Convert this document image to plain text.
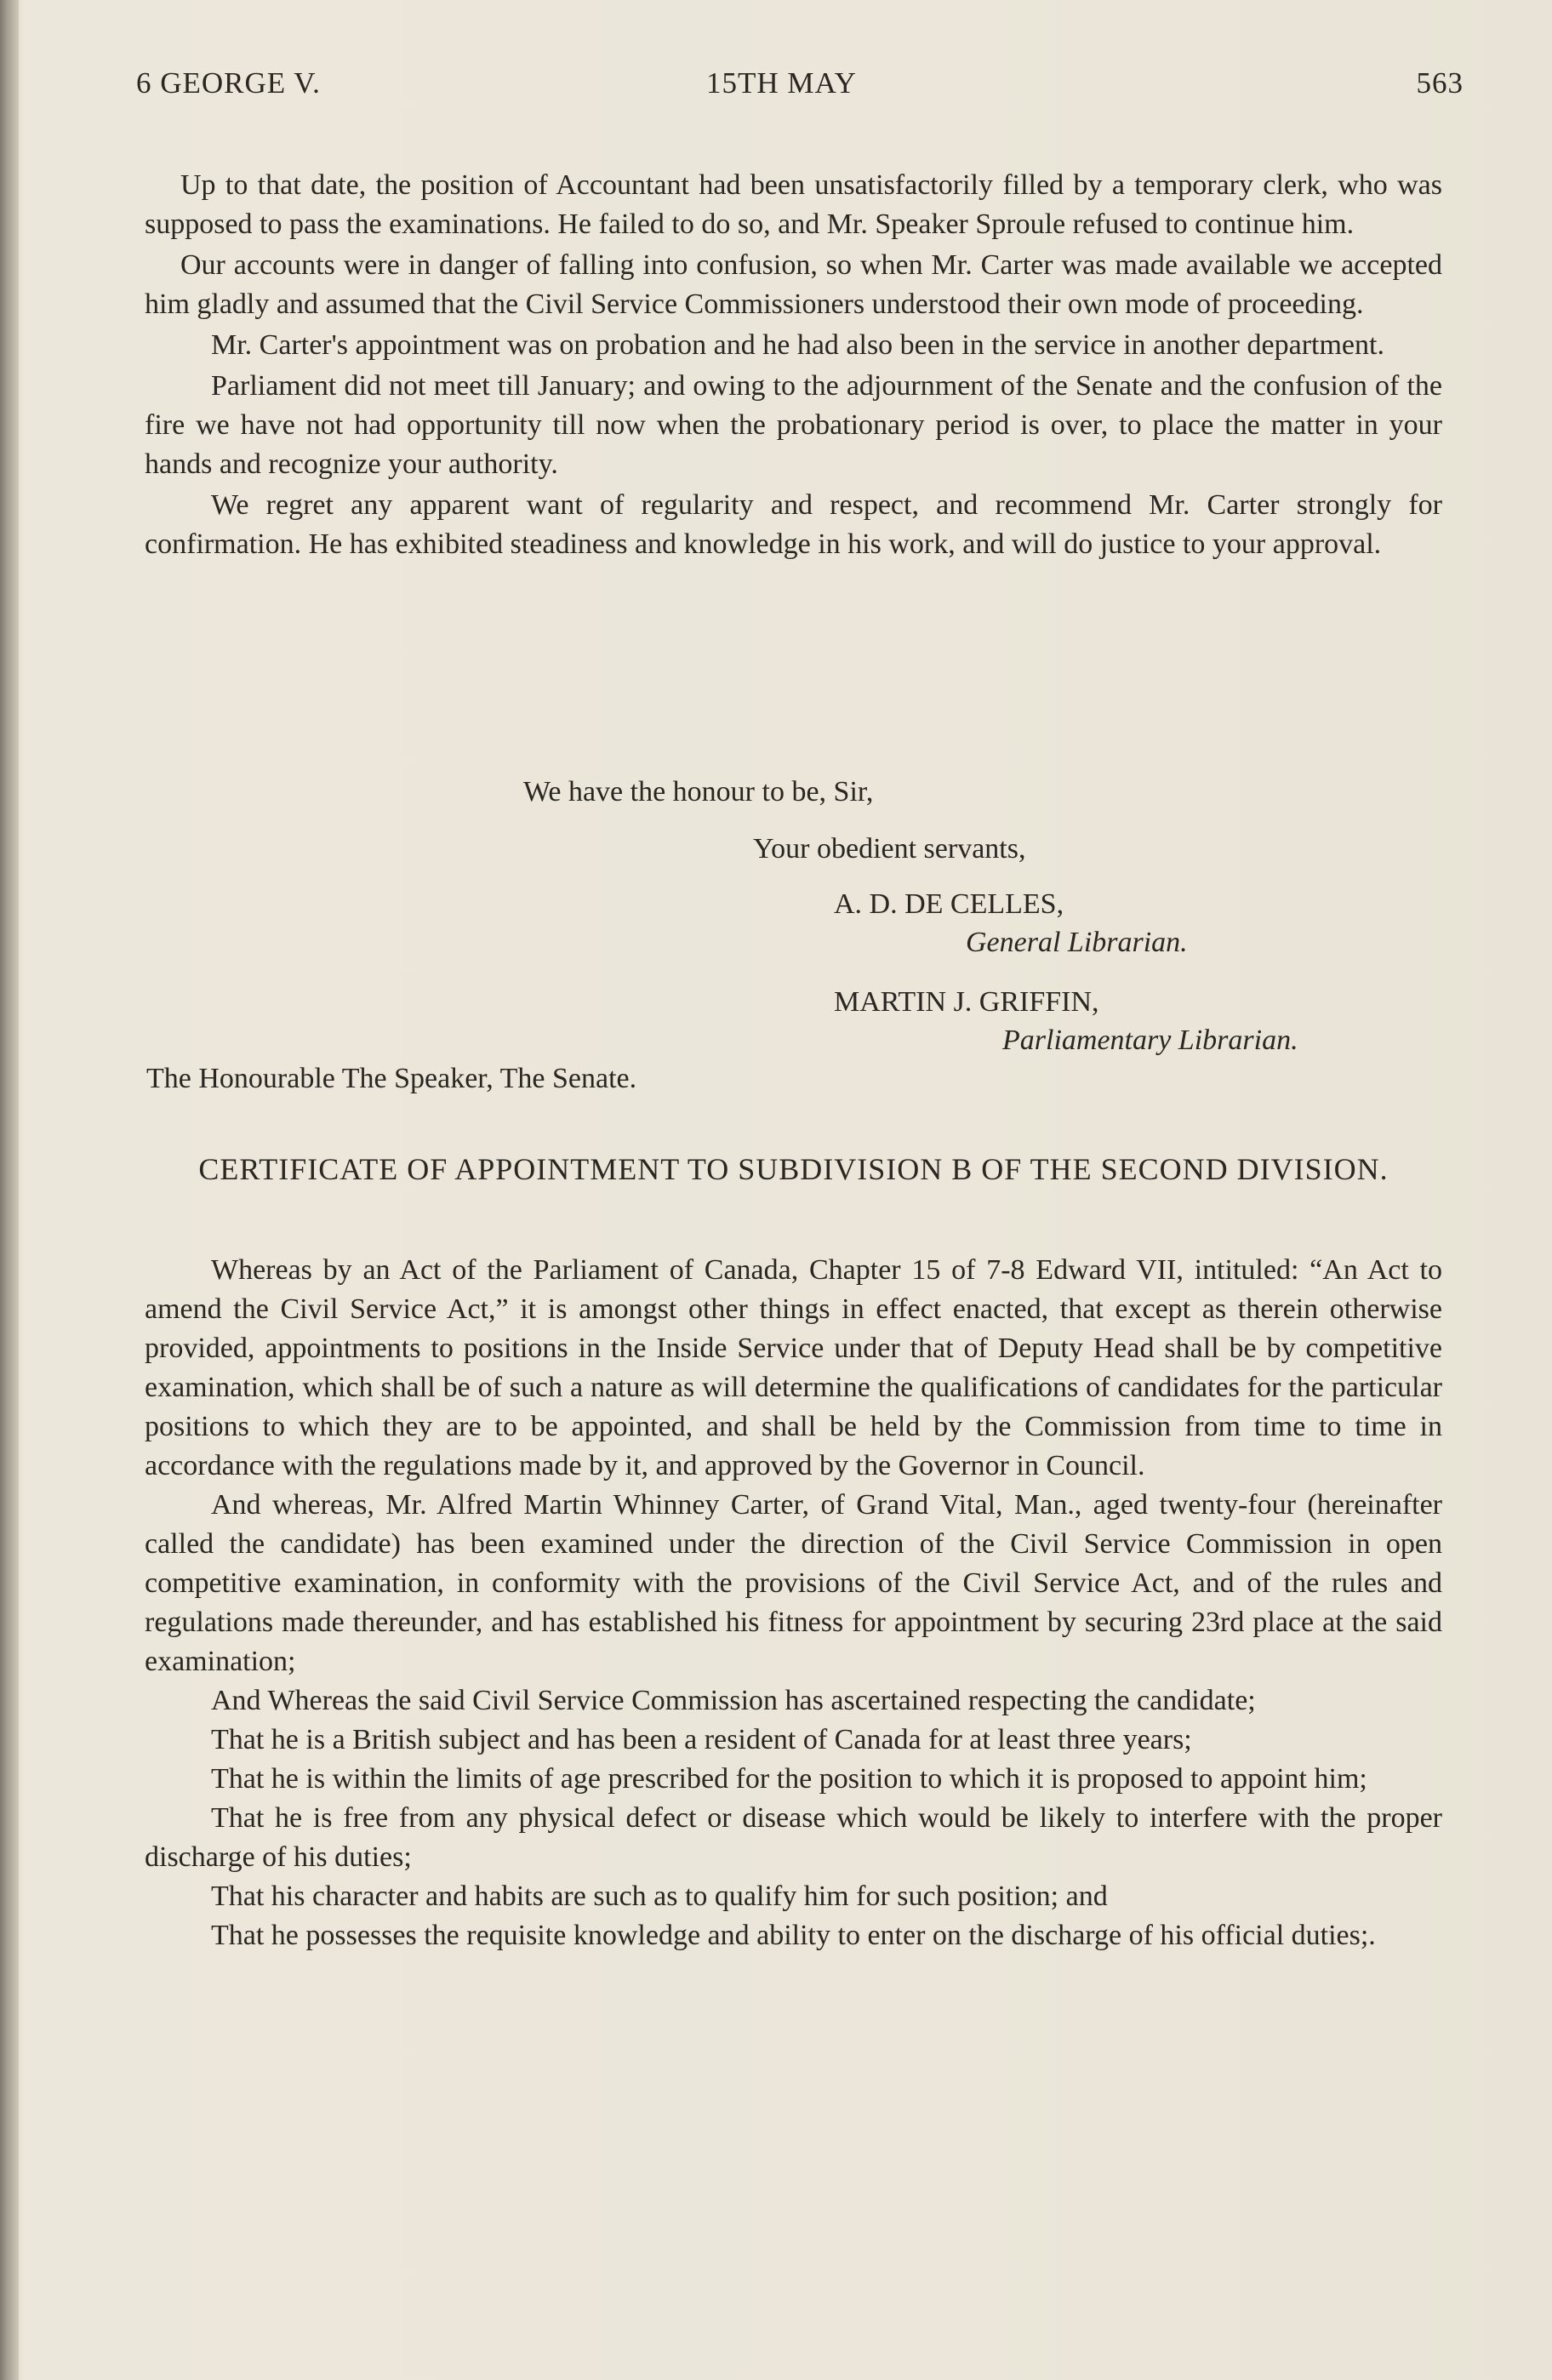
6 GEORGE V.	15TH MAY	563

Up to that date, the position of Accountant had been unsatisfactorily filled by a temporary clerk, who was supposed to pass the examinations. He failed to do so, and Mr. Speaker Sproule refused to continue him.

Our accounts were in danger of falling into confusion, so when Mr. Carter was made available we accepted him gladly and assumed that the Civil Service Commissioners understood their own mode of proceeding.

Mr. Carter's appointment was on probation and he had also been in the service in another department.

Parliament did not meet till January; and owing to the adjournment of the Senate and the confusion of the fire we have not had opportunity till now when the probationary period is over, to place the matter in your hands and recognize your authority.

We regret any apparent want of regularity and respect, and recommend Mr. Carter strongly for confirmation. He has exhibited steadiness and knowledge in his work, and will do justice to your approval.

We have the honour to be, Sir,
Your obedient servants,
A. D. DE CELLES,
General Librarian.
MARTIN J. GRIFFIN,
Parliamentary Librarian.
The Honourable The Speaker, The Senate.
CERTIFICATE OF APPOINTMENT TO SUBDIVISION B OF THE SECOND DIVISION.

Whereas by an Act of the Parliament of Canada, Chapter 15 of 7-8 Edward VII, intituled: “An Act to amend the Civil Service Act,” it is amongst other things in effect enacted, that except as therein otherwise provided, appointments to positions in the Inside Service under that of Deputy Head shall be by competitive examination, which shall be of such a nature as will determine the qualifications of candidates for the particular positions to which they are to be appointed, and shall be held by the Commission from time to time in accordance with the regulations made by it, and approved by the Governor in Council.

And whereas, Mr. Alfred Martin Whinney Carter, of Grand Vital, Man., aged twenty-four (hereinafter called the candidate) has been examined under the direction of the Civil Service Commission in open competitive examination, in conformity with the provisions of the Civil Service Act, and of the rules and regulations made thereunder, and has established his fitness for appointment by securing 23rd place at the said examination;

And Whereas the said Civil Service Commission has ascertained respecting the candidate;

That he is a British subject and has been a resident of Canada for at least three years;

That he is within the limits of age prescribed for the position to which it is proposed to appoint him;

That he is free from any physical defect or disease which would be likely to interfere with the proper discharge of his duties;

That his character and habits are such as to qualify him for such position; and

That he possesses the requisite knowledge and ability to enter on the discharge of his official duties;.
